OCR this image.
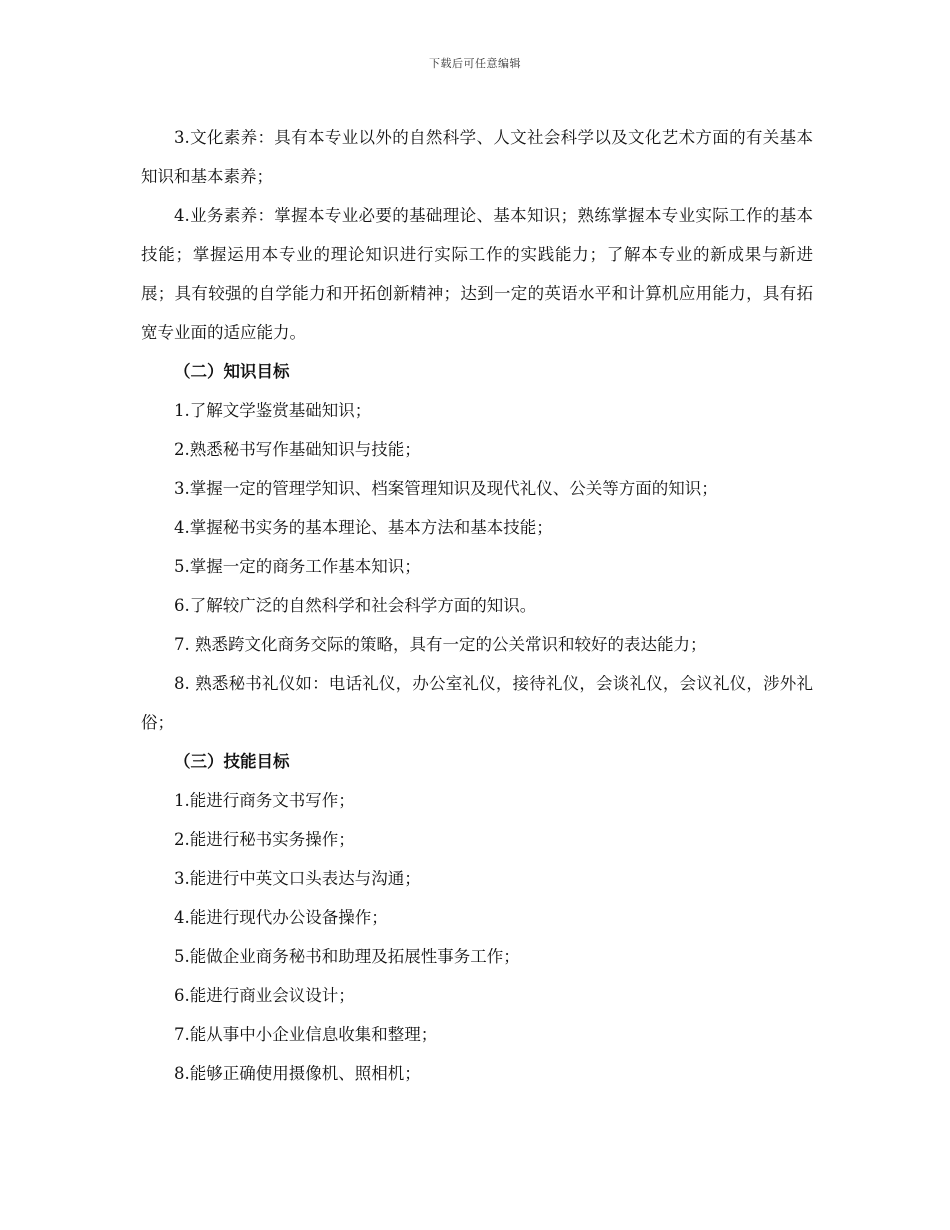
下载后可任意编辑

3.文化素养：具有本专业以外的自然科学、人文社会科学以及文化艺术方面的有关基本知识和基本素养；

4.业务素养：掌握本专业必要的基础理论、基本知识；熟练掌握本专业实际工作的基本技能；掌握运用本专业的理论知识进行实际工作的实践能力；了解本专业的新成果与新进展；具有较强的自学能力和开拓创新精神；达到一定的英语水平和计算机应用能力，具有拓宽专业面的适应能力。

（二）知识目标

1.了解文学鉴赏基础知识；

2.熟悉秘书写作基础知识与技能；

3.掌握一定的管理学知识、档案管理知识及现代礼仪、公关等方面的知识；

4.掌握秘书实务的基本理论、基本方法和基本技能；

5.掌握一定的商务工作基本知识；

6.了解较广泛的自然科学和社会科学方面的知识。

7. 熟悉跨文化商务交际的策略，具有一定的公关常识和较好的表达能力；

8. 熟悉秘书礼仪如：电话礼仪，办公室礼仪，接待礼仪，会谈礼仪，会议礼仪，涉外礼俗；

（三）技能目标

1.能进行商务文书写作；

2.能进行秘书实务操作；

3.能进行中英文口头表达与沟通；

4.能进行现代办公设备操作；

5.能做企业商务秘书和助理及拓展性事务工作；

6.能进行商业会议设计；

7.能从事中小企业信息收集和整理；

8.能够正确使用摄像机、照相机；
